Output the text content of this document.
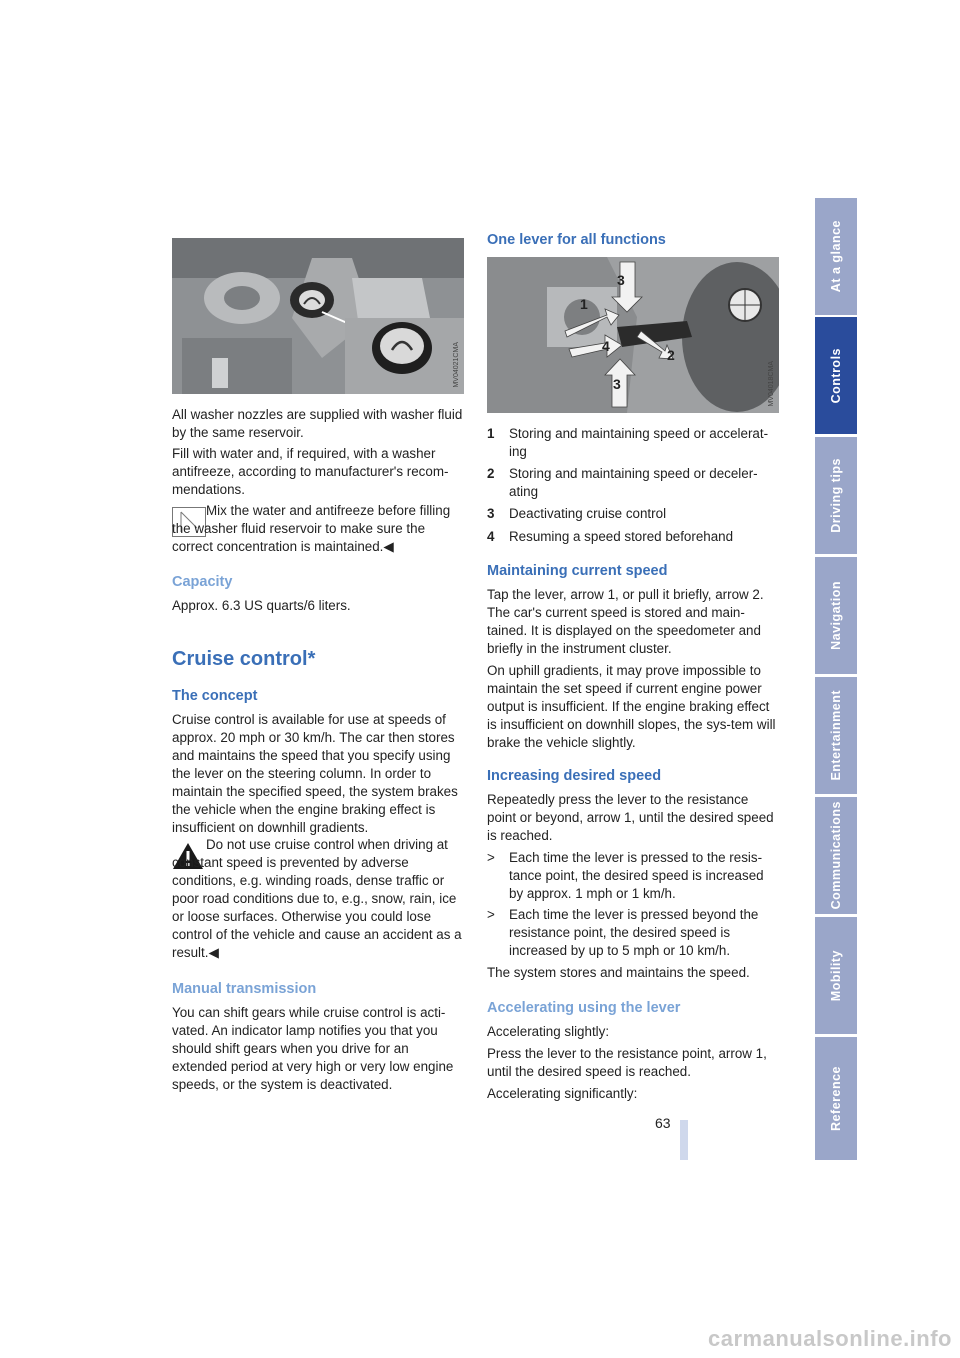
MV04021CMA

All washer nozzles are supplied with washer fluid by the same reservoir.

Fill with water and, if required, with a washer antifreeze, according to manufacturer's recom-mendations.

Mix the water and antifreeze before filling the washer fluid reservoir to make sure the correct concentration is maintained.◀

Capacity

Approx. 6.3 US quarts/6 liters.

Cruise control*
The concept

Cruise control is available for use at speeds of approx. 20 mph or 30 km/h. The car then stores and maintains the speed that you specify using the lever on the steering column. In order to maintain the specified speed, the system brakes the vehicle when the engine braking effect is insufficient on downhill gradients.

Do not use cruise control when driving at constant speed is prevented by adverse conditions, e.g. winding roads, dense traffic or poor road conditions due to, e.g., snow, rain, ice or loose surfaces. Otherwise you could lose control of the vehicle and cause an accident as a result.◀

Manual transmission

You can shift gears while cruise control is acti-vated. An indicator lamp notifies you that you should shift gears when you drive for an extended period at very high or very low engine speeds, or the system is deactivated.

One lever for all functions
3
1
4
2
3	MV04018CMA
1 Storing and maintaining speed or accelerat-ing
2 Storing and maintaining speed or deceler-ating
3 Deactivating cruise control
4 Resuming a speed stored beforehand
Maintaining current speed

Tap the lever, arrow 1, or pull it briefly, arrow 2. The car's current speed is stored and main-tained. It is displayed on the speedometer and briefly in the instrument cluster.

On uphill gradients, it may prove impossible to maintain the set speed if current engine power output is insufficient. If the engine braking effect is insufficient on downhill slopes, the sys-tem will brake the vehicle slightly.

Increasing desired speed

Repeatedly press the lever to the resistance point or beyond, arrow 1, until the desired speed is reached.

> Each time the lever is pressed to the resis-tance point, the desired speed is increased by approx. 1 mph or 1 km/h.
> Each time the lever is pressed beyond the resistance point, the desired speed is increased by up to 5 mph or 10 km/h.

The system stores and maintains the speed.

Accelerating using the lever

Accelerating slightly:

Press the lever to the resistance point, arrow 1, until the desired speed is reached.

Accelerating significantly:

63
At a glance
Controls
Driving tips
Navigation
Entertainment
Communications
Mobility
Reference
carmanualsonline.info
